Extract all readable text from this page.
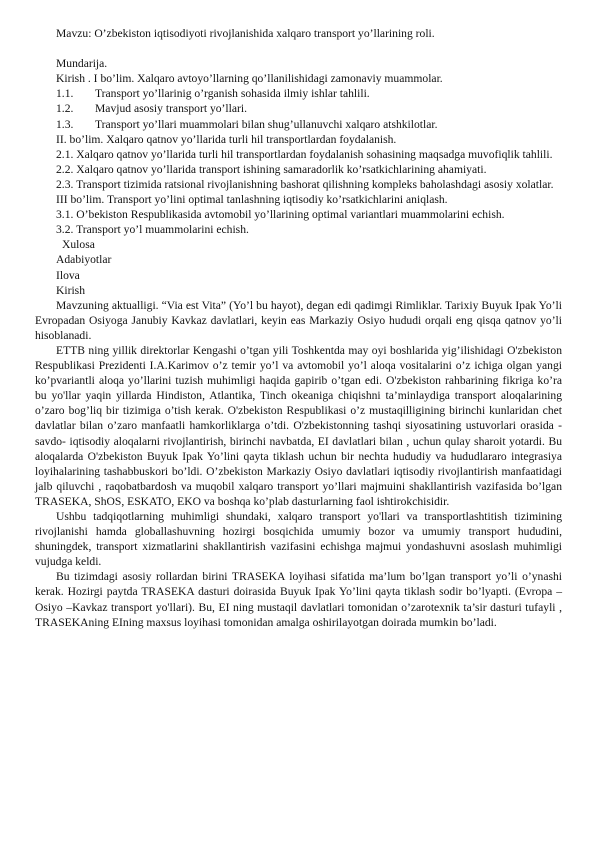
Mavzu: O’zbekiston iqtisodiyoti rivojlanishida xalqaro transport yo’llarining roli.

Mundarija.

Kirish . I bo’lim. Xalqaro avtoyo’llarning qo’llanilishidagi zamonaviy muammolar.

1.1.	Transport yo’llarinig o’rganish sohasida ilmiy ishlar tahlili.
1.2.	Mavjud asosiy transport yo’llari.
1.3.	Transport yo’llari muammolari bilan shug’ullanuvchi xalqaro atshkilotlar.

II. bo’lim. Xalqaro qatnov yo’llarida turli hil transportlardan foydalanish.

2.1. Xalqaro qatnov yo’llarida turli hil transportlardan foydalanish sohasining maqsadga muvofiqlik tahlili.

2.2. Xalqaro qatnov yo’llarida transport ishining samaradorlik ko’rsatkichlarining ahamiyati.

2.3. Transport tizimida ratsional rivojlanishning bashorat qilishning kompleks baholashdagi asosiy xolatlar.

III bo’lim. Transport yo’lini optimal tanlashning iqtisodiy ko’rsatkichlarini aniqlash.

3.1. O’bekiston Respublikasida avtomobil yo’llarining optimal variantlari muammolarini echish.

3.2. Transport yo’l muammolarini echish.

Xulosa

Adabiyotlar

Ilova

Kirish

Mavzuning aktualligi. “Via est Vita” (Yo’l bu hayot), degan edi qadimgi Rimliklar. Tarixiy Buyuk Ipak Yo’li Evropadan Osiyoga Janubiy Kavkaz davlatlari, keyin eas Markaziy Osiyo hududi orqali eng qisqa qatnov yo’li hisoblanadi.

ETTB ning yillik direktorlar Kengashi o’tgan yili Toshkentda may oyi boshlarida yig’ilishidagi O'zbekiston Respublikasi Prezidenti I.A.Karimov o’z temir yo’l va avtomobil yo’l aloqa vositalarini o’z ichiga olgan yangi ko’pvariantli aloqa yo’llarini tuzish muhimligi haqida gapirib o’tgan edi. O'zbekiston rahbarining fikriga ko’ra bu yo'llar yaqin yillarda Hindiston, Atlantika, Tinch okeaniga chiqishni ta’minlaydiga transport aloqalarining o’zaro bog’liq bir tizimiga o’tish kerak. O'zbekiston Respublikasi o’z mustaqilligining birinchi kunlaridan chet davlatlar bilan o’zaro manfaatli hamkorliklarga o’tdi. O'zbekistonning tashqi siyosatining ustuvorlari orasida - savdo- iqtisodiy aloqalarni rivojlantirish, birinchi navbatda, EI davlatlari bilan , uchun qulay sharoit yotardi. Bu aloqalarda O'zbekiston Buyuk Ipak Yo’lini qayta tiklash uchun bir nechta hududiy va hududlararo integrasiya loyihalarining tashabbuskori bo’ldi. O’zbekiston Markaziy Osiyo davlatlari iqtisodiy rivojlantirish manfaatidagi jalb qiluvchi , raqobatbardosh va muqobil xalqaro transport yo’llari majmuini shakllantirish vazifasida bo’lgan TRASEKA, ShOS, ESKATO, EKO va boshqa ko’plab dasturlarning faol ishtirokchisidir.

Ushbu tadqiqotlarning muhimligi shundaki, xalqaro transport yo'llari va transportlashtitish tizimining rivojlanishi hamda globallashuvning hozirgi bosqichida umumiy bozor va umumiy transport hududini, shuningdek, transport xizmatlarini shakllantirish vazifasini echishga majmui yondashuvni asoslash muhimligi vujudga keldi.

Bu tizimdagi asosiy rollardan birini TRASEKA loyihasi sifatida ma’lum bo’lgan transport yo’li o’ynashi kerak. Hozirgi paytda TRASEKA dasturi doirasida Buyuk Ipak Yo’lini qayta tiklash sodir bo’lyapti. (Evropa –Osiyo –Kavkaz transport yo'llari). Bu, EI ning mustaqil davlatlari tomonidan o’zarotexnik ta’sir dasturi tufayli , TRASEKAning EIning maxsus loyihasi tomonidan amalga oshirilayotgan doirada mumkin bo’ladi.
